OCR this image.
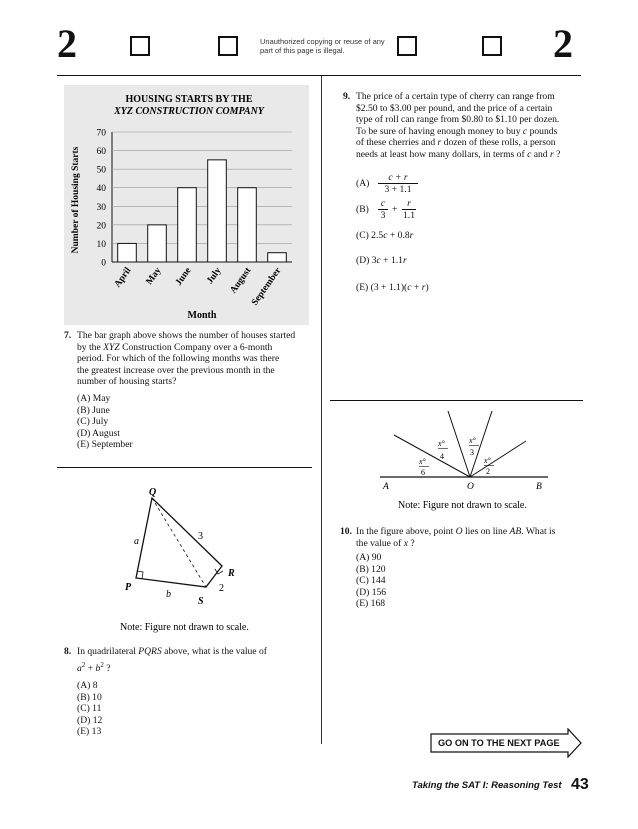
2	Unauthorized copying or reuse of any part of this page is illegal.	2
HOUSING STARTS BY THE
XYZ CONSTRUCTION COMPANY
Number of Housing Starts
0
10
20
30
40
50
60
70
April May June July August
September
Month
7. The bar graph above shows the number of houses started
by the XYZ Construction Company over a 6-month
period. For which of the following months was there
the greatest increase over the previous month in the
number of housing starts?
(A) May
(B) June
(C) July
(D) August
(E) September
Q
P
R
S
a
b
3
2
Note: Figure not drawn to scale.
8. In quadrilateral PQRS above, what is the value of
$a^2 + b^2$ ?
(A) 8
(B) 10
(C) 11
(D) 12
(E) 13
9. The price of a certain type of cherry can range from
$2.50 to $3.00 per pound, and the price of a certain
type of roll can range from $0.80 to $1.10 per dozen.
To be sure of having enough money to buy c pounds
of these cherries and r dozen of these rolls, a person
needs at least how many dollars, in terms of c and r ?
(A)
c + r
3 + 1.1
(B)
c
3
+
r
1.1
(C) 2.5c + 0.8r
(D) 3c + 1.1r
(E) (3 + 1.1)(c + r)
x°
4
x°
3
x°
6
x°
2
A	O	B
Note: Figure not drawn to scale.
10. In the figure above, point O lies on line AB. What is
the value of x ?
(A) 90
(B) 120
(C) 144
(D) 156
(E) 168
GO ON TO THE NEXT PAGE
Taking the SAT I: Reasoning Test 43
